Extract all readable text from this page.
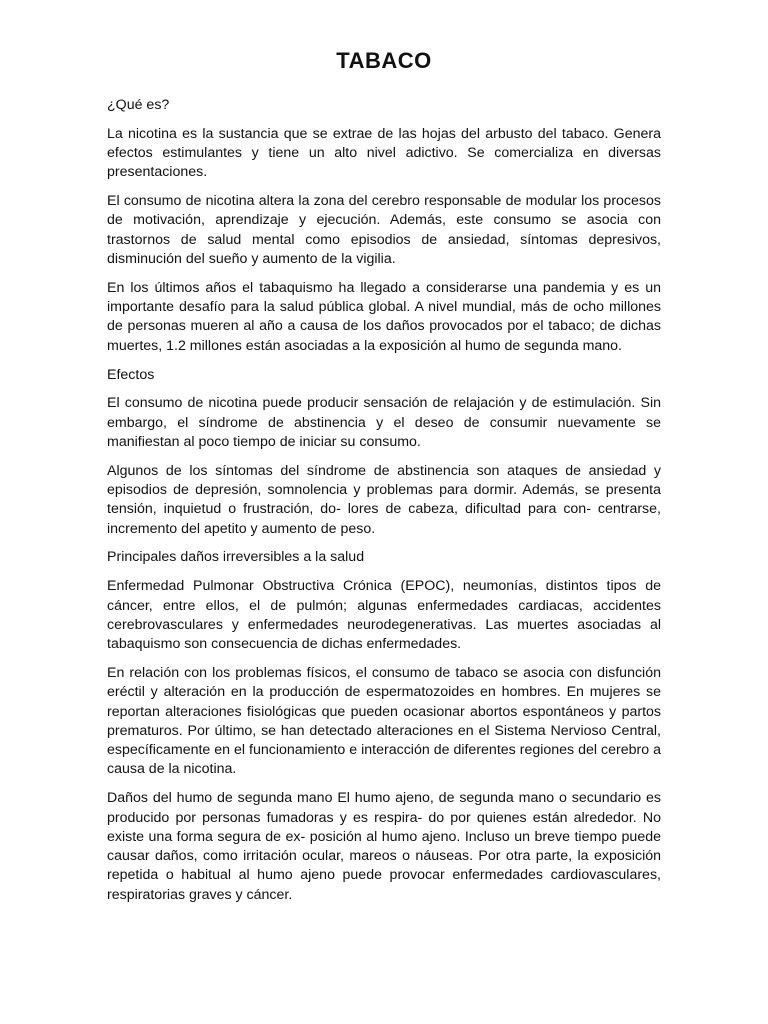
TABACO

¿Qué es?

La nicotina es la sustancia que se extrae de las hojas del arbusto del tabaco. Genera efectos estimulantes y tiene un alto nivel adictivo. Se comercializa en diversas presentaciones.

El consumo de nicotina altera la zona del cerebro responsable de modular los procesos de motivación, aprendizaje y ejecución. Además, este consumo se asocia con trastornos de salud mental como episodios de ansiedad, síntomas depresivos, disminución del sueño y aumento de la vigilia.

En los últimos años el tabaquismo ha llegado a considerarse una pandemia y es un importante desafío para la salud pública global. A nivel mundial, más de ocho millones de personas mueren al año a causa de los daños provocados por el tabaco; de dichas muertes, 1.2 millones están asociadas a la exposición al humo de segunda mano.

Efectos

El consumo de nicotina puede producir sensación de relajación y de estimulación. Sin embargo, el síndrome de abstinencia y el deseo de consumir nuevamente se manifiestan al poco tiempo de iniciar su consumo.

Algunos de los síntomas del síndrome de abstinencia son ataques de ansiedad y episodios de depresión, somnolencia y problemas para dormir. Además, se presenta tensión, inquietud o frustración, do- lores de cabeza, dificultad para con- centrarse, incremento del apetito y aumento de peso.

Principales daños irreversibles a la salud

Enfermedad Pulmonar Obstructiva Crónica (EPOC), neumonías, distintos tipos de cáncer, entre ellos, el de pulmón; algunas enfermedades cardiacas, accidentes cerebrovasculares y enfermedades neurodegenerativas. Las muertes asociadas al tabaquismo son consecuencia de dichas enfermedades.

En relación con los problemas físicos, el consumo de tabaco se asocia con disfunción eréctil y alteración en la producción de espermatozoides en hombres. En mujeres se reportan alteraciones fisiológicas que pueden ocasionar abortos espontáneos y partos prematuros. Por último, se han detectado alteraciones en el Sistema Nervioso Central, específicamente en el funcionamiento e interacción de diferentes regiones del cerebro a causa de la nicotina.

Daños del humo de segunda mano El humo ajeno, de segunda mano o secundario es producido por personas fumadoras y es respira- do por quienes están alrededor. No existe una forma segura de ex- posición al humo ajeno. Incluso un breve tiempo puede causar daños, como irritación ocular, mareos o náuseas. Por otra parte, la exposición repetida o habitual al humo ajeno puede provocar enfermedades cardiovasculares, respiratorias graves y cáncer.
